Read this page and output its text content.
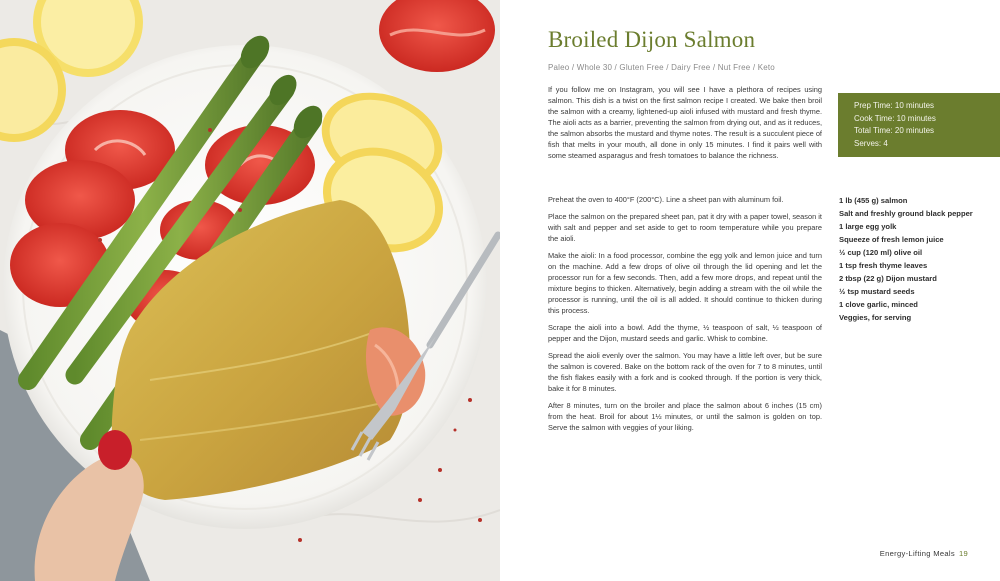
Broiled Dijon Salmon
Paleo / Whole 30 / Gluten Free / Dairy Free / Nut Free / Keto

If you follow me on Instagram, you will see I have a plethora of recipes using salmon. This dish is a twist on the first salmon recipe I created. We bake then broil the salmon with a creamy, lightened-up aioli infused with mustard and fresh thyme. The aioli acts as a barrier, preventing the salmon from drying out, and as it reduces, the salmon absorbs the mustard and thyme notes. The result is a succulent piece of fish that melts in your mouth, all done in only 15 minutes. I find it pairs well with some steamed asparagus and fresh tomatoes to balance the richness.

Prep Time: 10 minutes
Cook Time: 10 minutes
Total Time: 20 minutes
Serves: 4

Preheat the oven to 400°F (200°C). Line a sheet pan with aluminum foil.

Place the salmon on the prepared sheet pan, pat it dry with a paper towel, season it with salt and pepper and set aside to get to room temperature while you prepare the aioli.

Make the aioli: In a food processor, combine the egg yolk and lemon juice and turn on the machine. Add a few drops of olive oil through the lid opening and let the processor run for a few seconds. Then, add a few more drops, and repeat until the mixture begins to thicken. Alternatively, begin adding a stream with the oil while the processor is running, until the oil is all added. It should continue to thicken during this process.

Scrape the aioli into a bowl. Add the thyme, ½ teaspoon of salt, ½ teaspoon of pepper and the Dijon, mustard seeds and garlic. Whisk to combine.

Spread the aioli evenly over the salmon. You may have a little left over, but be sure the salmon is covered. Bake on the bottom rack of the oven for 7 to 8 minutes, until the fish flakes easily with a fork and is cooked through. If the portion is very thick, bake it for 8 minutes.

After 8 minutes, turn on the broiler and place the salmon about 6 inches (15 cm) from the heat. Broil for about 1½ minutes, or until the salmon is golden on top. Serve the salmon with veggies of your liking.

1 lb (455 g) salmon
Salt and freshly ground black pepper
1 large egg yolk
Squeeze of fresh lemon juice
½ cup (120 ml) olive oil
1 tsp fresh thyme leaves
2 tbsp (22 g) Dijon mustard
½ tsp mustard seeds
1 clove garlic, minced
Veggies, for serving
Energy-Lifting Meals 19
